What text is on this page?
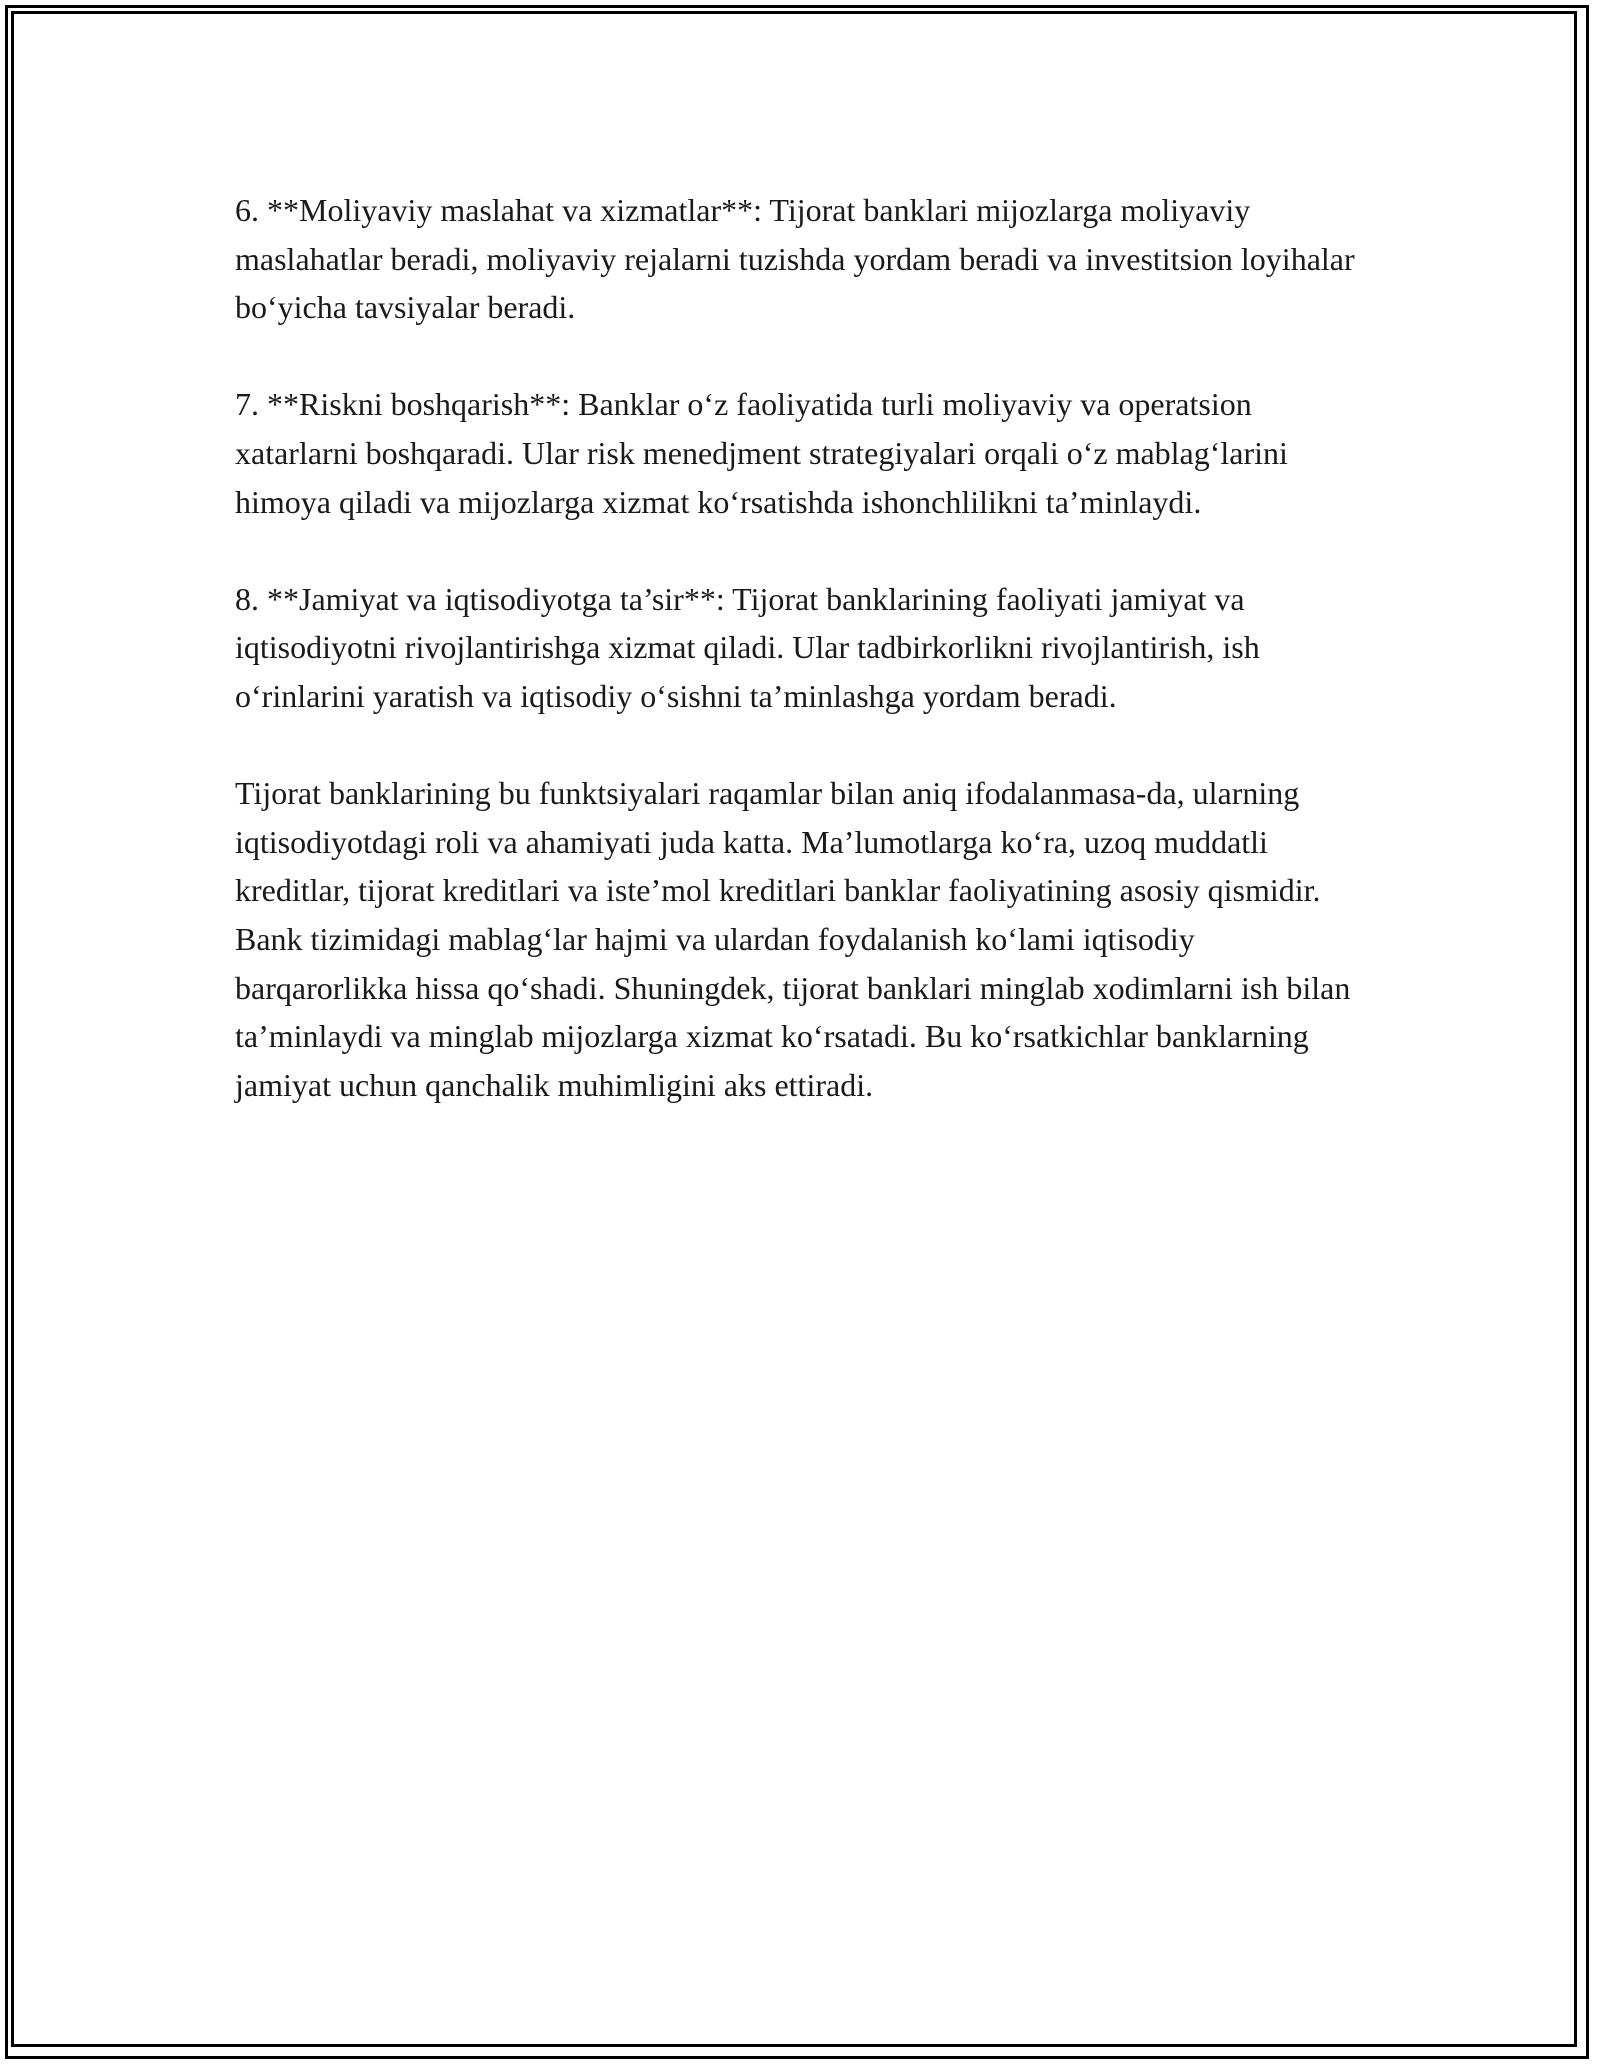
6. **Moliyaviy maslahat va xizmatlar**: Tijorat banklari mijozlarga moliyaviy maslahatlar beradi, moliyaviy rejalarni tuzishda yordam beradi va investitsion loyihalar bo‘yicha tavsiyalar beradi.

7. **Riskni boshqarish**: Banklar o‘z faoliyatida turli moliyaviy va operatsion xatarlarni boshqaradi. Ular risk menedjment strategiyalari orqali o‘z mablag‘larini himoya qiladi va mijozlarga xizmat ko‘rsatishda ishonchlilikni ta’minlaydi.

8. **Jamiyat va iqtisodiyotga ta’sir**: Tijorat banklarining faoliyati jamiyat va iqtisodiyotni rivojlantirishga xizmat qiladi. Ular tadbirkorlikni rivojlantirish, ish o‘rinlarini yaratish va iqtisodiy o‘sishni ta’minlashga yordam beradi.

Tijorat banklarining bu funktsiyalari raqamlar bilan aniq ifodalanmasa-da, ularning iqtisodiyotdagi roli va ahamiyati juda katta. Ma’lumotlarga ko‘ra, uzoq muddatli kreditlar, tijorat kreditlari va iste’mol kreditlari banklar faoliyatining asosiy qismidir. Bank tizimidagi mablag‘lar hajmi va ulardan foydalanish ko‘lami iqtisodiy barqarorlikka hissa qo‘shadi. Shuningdek, tijorat banklari minglab xodimlarni ish bilan ta’minlaydi va minglab mijozlarga xizmat ko‘rsatadi. Bu ko‘rsatkichlar banklarning jamiyat uchun qanchalik muhimligini aks ettiradi.
